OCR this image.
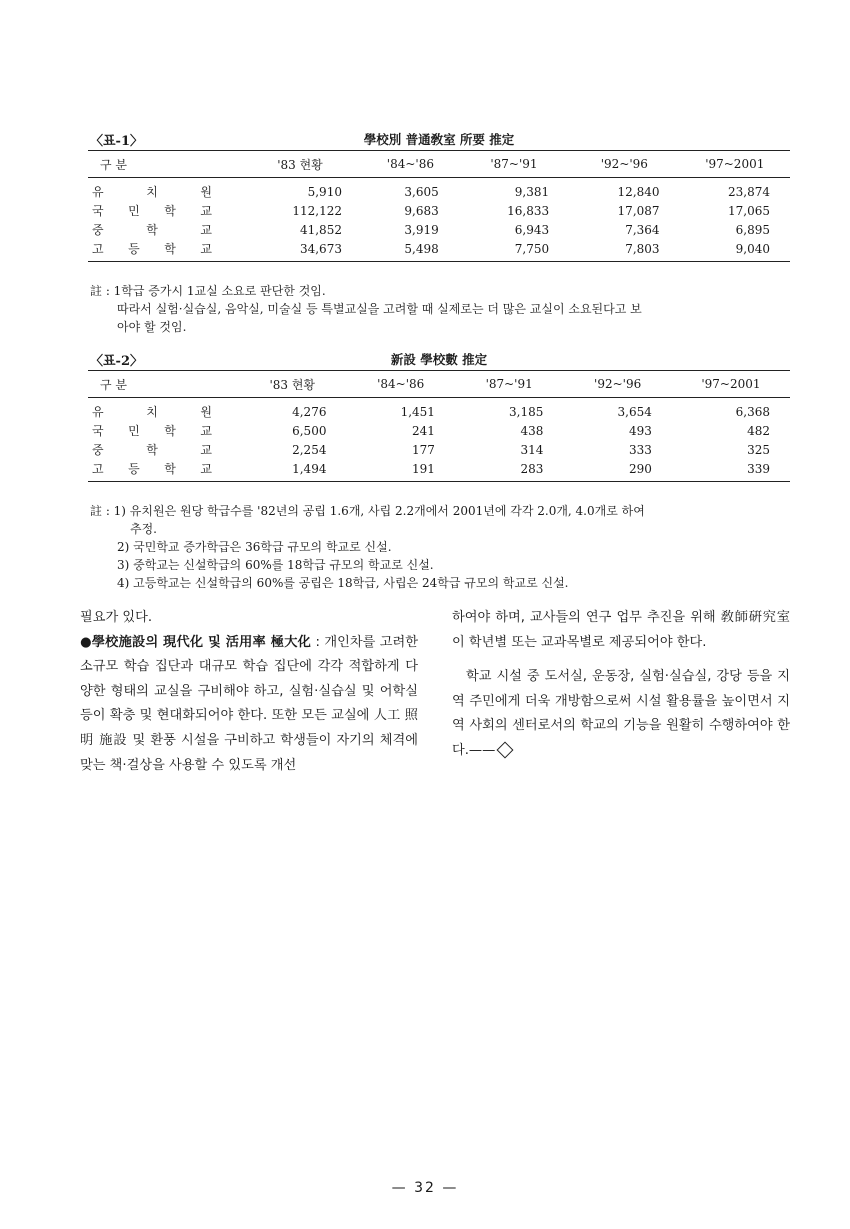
〈표-1〉	學校別 普通敎室 所要 推定
구 분	'83 현황	'84~'86	'87~'91	'92~'96	'97~2001

유 치 원	5,910	3,605	9,381	12,840	23,874

국 민 학 교	112,122	9,683	16,833	17,087	17,065

중 학 교	41,852	3,919	6,943	7,364	6,895

고 등 학 교	34,673	5,498	7,750	7,803	9,040

註 : 1학급 증가시 1교실 소요로 판단한 것임.

따라서 실험·실습실, 음악실, 미술실 등 특별교실을 고려할 때 실제로는 더 많은 교실이 소요된다고 보

아야 할 것임.

〈표-2〉	新設 學校數 推定
구 분	'83 현황	'84~'86	'87~'91	'92~'96	'97~2001

유 치 원	4,276	1,451	3,185	3,654	6,368

국 민 학 교	6,500	241	438	493	482

중 학 교	2,254	177	314	333	325

고 등 학 교	1,494	191	283	290	339

註 : 1) 유치원은 원당 학급수를 '82년의 공립 1.6개, 사립 2.2개에서 2001년에 각각 2.0개, 4.0개로 하여

추정.

2) 국민학교 증가학급은 36학급 규모의 학교로 신설.

3) 중학교는 신설학급의 60%를 18학급 규모의 학교로 신설.

4) 고등학교는 신설학급의 60%를 공립은 18학급, 사립은 24학급 규모의 학교로 신설.

필요가 있다.

●學校施設의 現代化 및 活用率 極大化 : 개인차를 고려한 소규모 학습 집단과 대규모 학습 집단에 각각 적합하게 다양한 형태의 교실을 구비해야 하고, 실험·실습실 및 어학실 등이 확충 및 현대화되어야 한다. 또한 모든 교실에 人工 照明 施設 및 환풍 시설을 구비하고 학생들이 자기의 체격에 맞는 책·걸상을 사용할 수 있도록 개선

하여야 하며, 교사들의 연구 업무 추진을 위해 敎師硏究室이 학년별 또는 교과목별로 제공되어야 한다.

학교 시설 중 도서실, 운동장, 실험·실습실, 강당 등을 지역 주민에게 더욱 개방함으로써 시설 활용률을 높이면서 지역 사회의 센터로서의 학교의 기능을 원활히 수행하여야 한다.——

— 32 —
